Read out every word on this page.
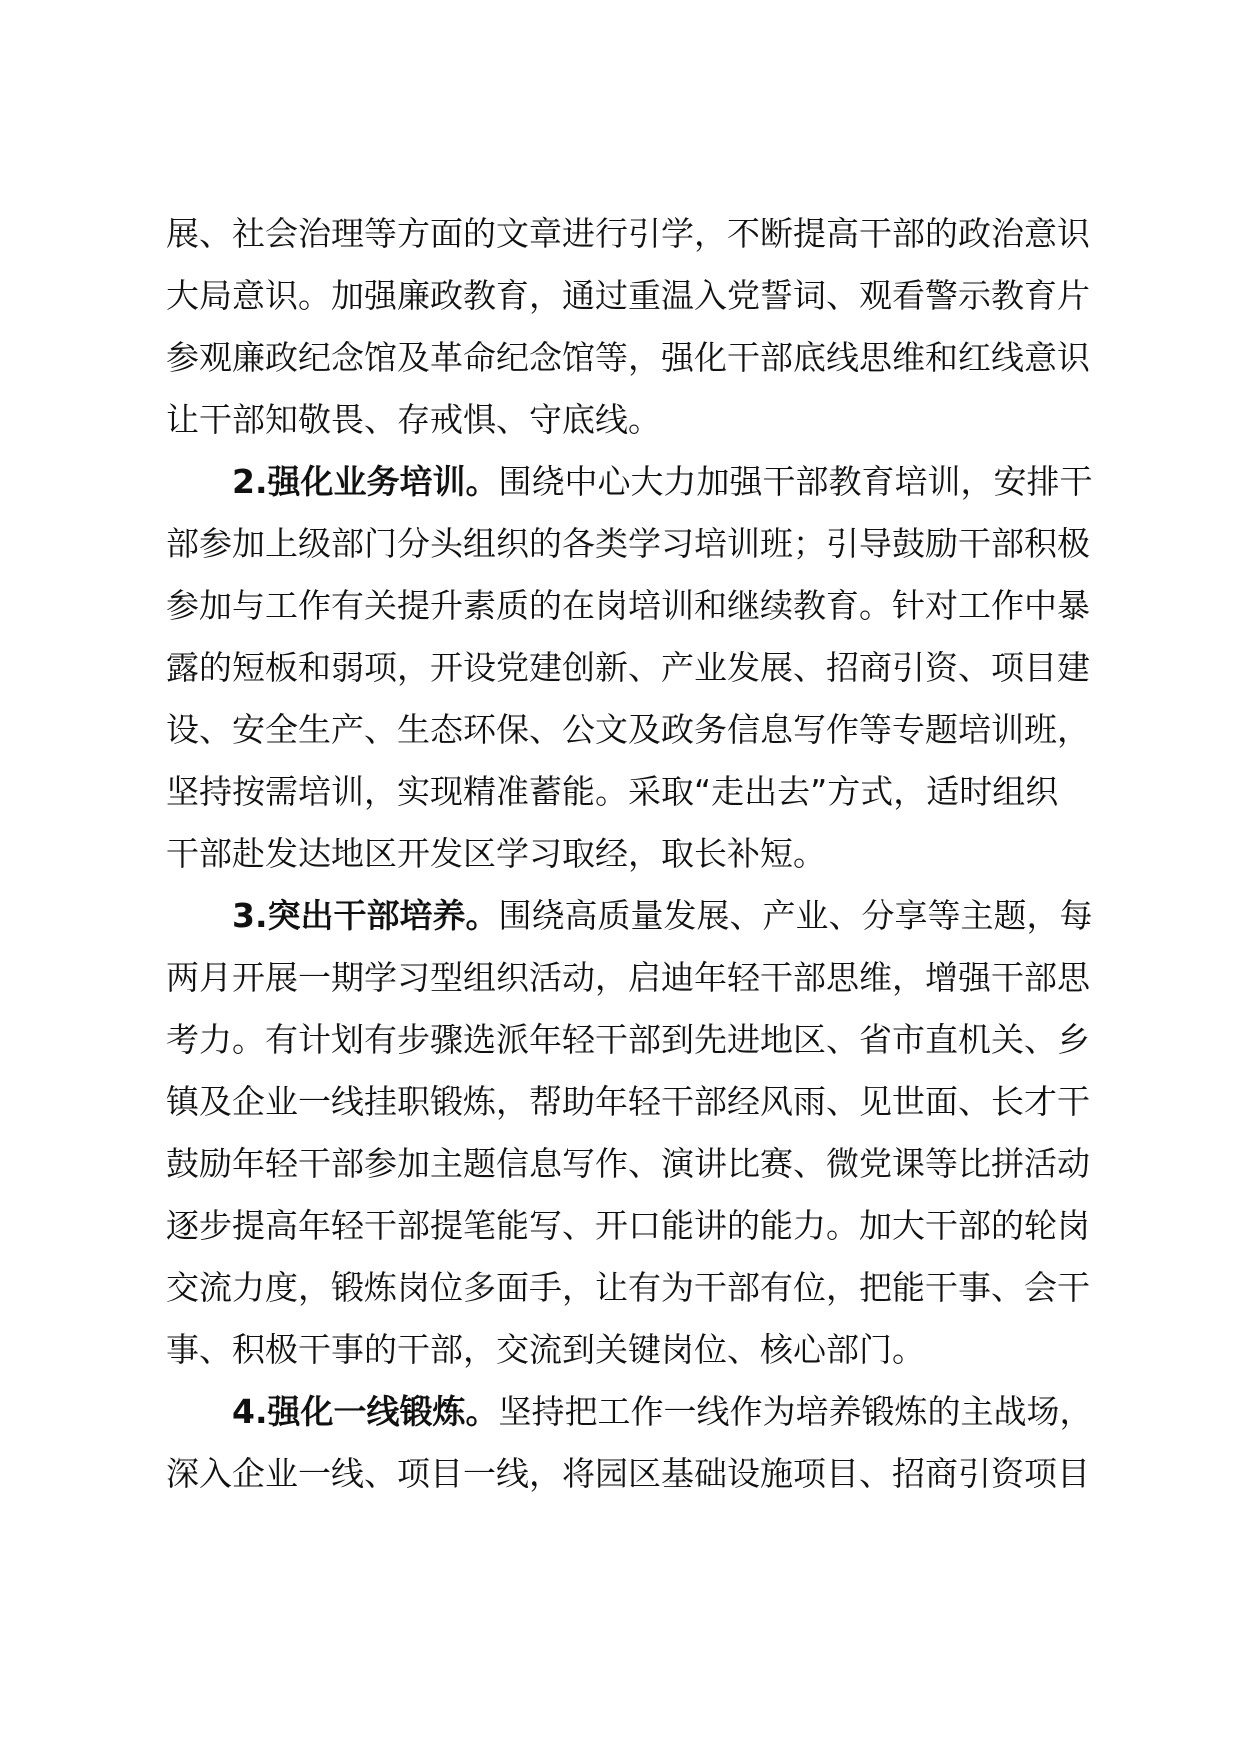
展、社会治理等方面的文章进行引学，不断提高干部的政治意识
大局意识。加强廉政教育，通过重温入党誓词、观看警示教育片
参观廉政纪念馆及革命纪念馆等，强化干部底线思维和红线意识
让干部知敬畏、存戒惧、守底线。
2.强化业务培训。围绕中心大力加强干部教育培训，安排干
部参加上级部门分头组织的各类学习培训班；引导鼓励干部积极
参加与工作有关提升素质的在岗培训和继续教育。针对工作中暴
露的短板和弱项，开设党建创新、产业发展、招商引资、项目建
设、安全生产、生态环保、公文及政务信息写作等专题培训班，
坚持按需培训，实现精准蓄能。采取“走出去”方式，适时组织
干部赴发达地区开发区学习取经，取长补短。
3.突出干部培养。围绕高质量发展、产业、分享等主题，每
两月开展一期学习型组织活动，启迪年轻干部思维，增强干部思
考力。有计划有步骤选派年轻干部到先进地区、省市直机关、乡
镇及企业一线挂职锻炼，帮助年轻干部经风雨、见世面、长才干
鼓励年轻干部参加主题信息写作、演讲比赛、微党课等比拼活动
逐步提高年轻干部提笔能写、开口能讲的能力。加大干部的轮岗
交流力度，锻炼岗位多面手，让有为干部有位，把能干事、会干
事、积极干事的干部，交流到关键岗位、核心部门。
4.强化一线锻炼。坚持把工作一线作为培养锻炼的主战场，
深入企业一线、项目一线，将园区基础设施项目、招商引资项目
